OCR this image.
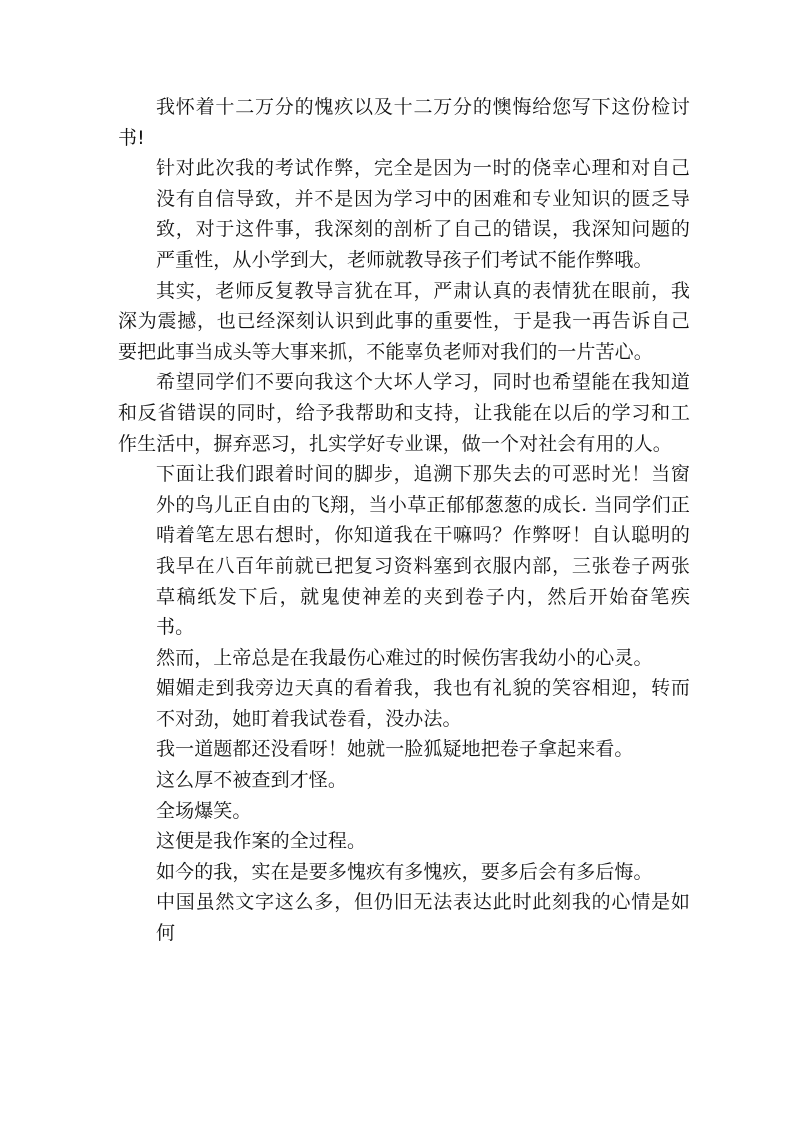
我怀着十二万分的愧疚以及十二万分的懊悔给您写下这份检讨书!

针对此次我的考试作弊，完全是因为一时的侥幸心理和对自己没有自信导致，并不是因为学习中的困难和专业知识的匮乏导致，对于这件事，我深刻的剖析了自己的错误，我深知问题的严重性，从小学到大，老师就教导孩子们考试不能作弊哦。

其实，老师反复教导言犹在耳，严肃认真的表情犹在眼前，我深为震撼，也已经深刻认识到此事的重要性，于是我一再告诉自己要把此事当成头等大事来抓，不能辜负老师对我们的一片苦心。

希望同学们不要向我这个大坏人学习，同时也希望能在我知道和反省错误的同时，给予我帮助和支持，让我能在以后的学习和工作生活中，摒弃恶习，扎实学好专业课，做一个对社会有用的人。

下面让我们跟着时间的脚步，追溯下那失去的可恶时光！当窗外的鸟儿正自由的飞翔，当小草正郁郁葱葱的成长. 当同学们正啃着笔左思右想时，你知道我在干嘛吗？作弊呀！自认聪明的我早在八百年前就已把复习资料塞到衣服内部，三张卷子两张草稿纸发下后，就鬼使神差的夹到卷子内，然后开始奋笔疾书。

然而，上帝总是在我最伤心难过的时候伤害我幼小的心灵。

媚媚走到我旁边天真的看着我，我也有礼貌的笑容相迎，转而不对劲，她盯着我试卷看，没办法。

我一道题都还没看呀！她就一脸狐疑地把卷子拿起来看。

这么厚不被查到才怪。

全场爆笑。

这便是我作案的全过程。

如今的我，实在是要多愧疚有多愧疚，要多后会有多后悔。

中国虽然文字这么多，但仍旧无法表达此时此刻我的心情是如何
